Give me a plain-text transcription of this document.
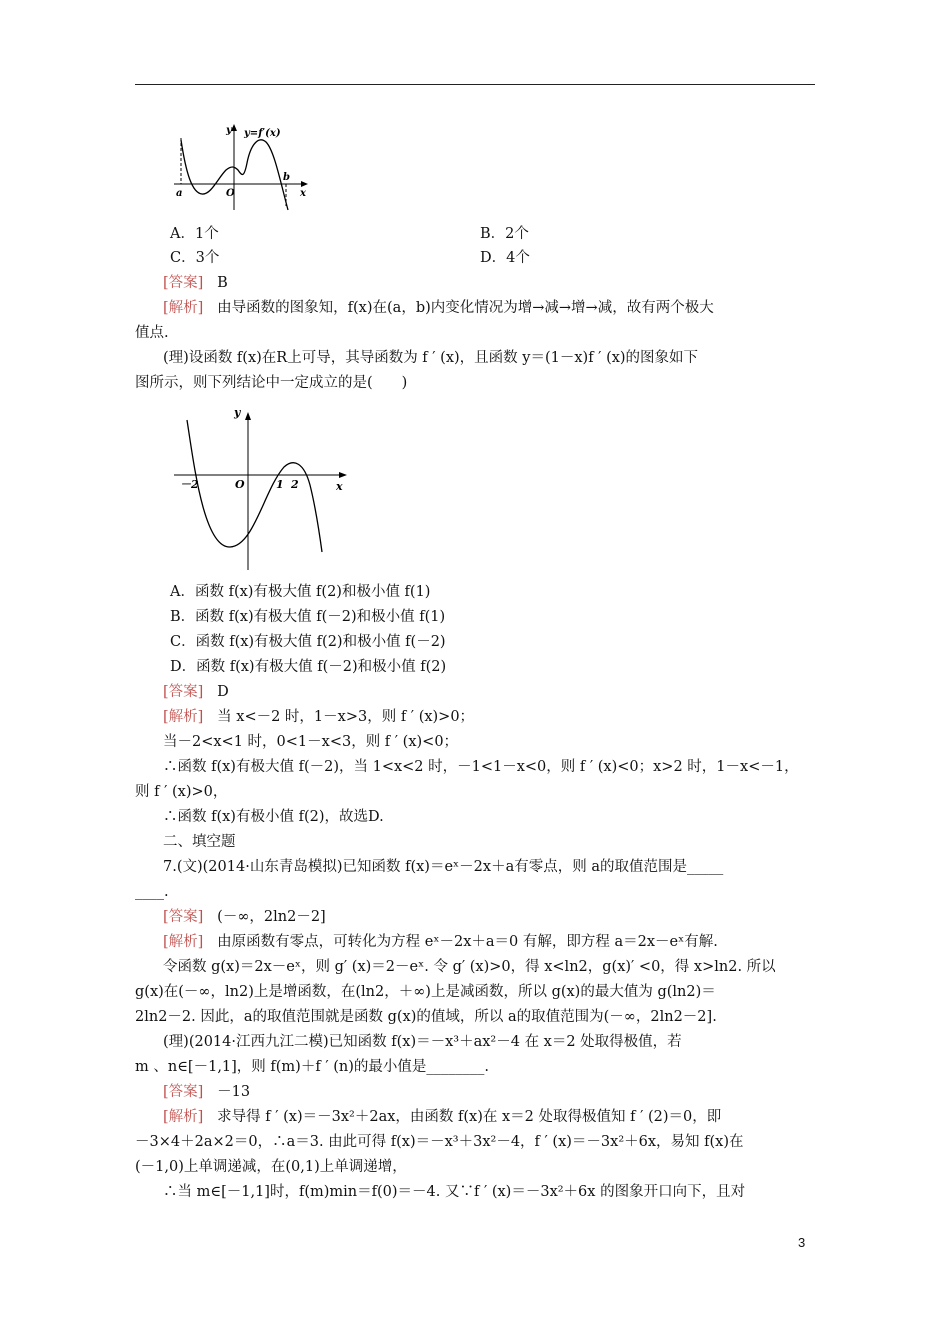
y y=f′(x)
a	O
b
x
A．1个	B．2个
C．3个	D．4个
[答案] B
[解析] 由导函数的图象知，f(x)在(a，b)内变化情况为增→减→增→减，故有两个极大
值点.
(理)设函数 f(x)在R上可导，其导函数为 f ′ (x)，且函数 y＝(1－x)f ′ (x)的图象如下
图所示，则下列结论中一定成立的是(　　)
y
x
O
－2	1 2
A．函数 f(x)有极大值 f(2)和极小值 f(1)
B．函数 f(x)有极大值 f(－2)和极小值 f(1)
C．函数 f(x)有极大值 f(2)和极小值 f(－2)
D．函数 f(x)有极大值 f(－2)和极小值 f(2)
[答案] D
[解析] 当 x<－2 时，1－x>3，则 f ′ (x)>0；
当－2<x<1 时，0<1－x<3，则 f ′ (x)<0；
∴函数 f(x)有极大值 f(－2)，当 1<x<2 时，－1<1－x<0，则 f ′ (x)<0；x>2 时，1－x<－1，
则 f ′ (x)>0，
∴函数 f(x)有极小值 f(2)，故选D.
二、填空题
7.(文)(2014·山东青岛模拟)已知函数 f(x)＝eˣ－2x＋a有零点，则 a的取值范围是_____
____.
[答案] (－∞，2ln2－2]
[解析] 由原函数有零点，可转化为方程 eˣ－2x＋a＝0 有解，即方程 a＝2x－eˣ有解.
令函数 g(x)＝2x－eˣ，则 g′ (x)＝2－eˣ. 令 g′ (x)>0，得 x<ln2，g(x)′ <0，得 x>ln2. 所以
g(x)在(－∞，ln2)上是增函数，在(ln2，＋∞)上是减函数，所以 g(x)的最大值为 g(ln2)＝
2ln2－2. 因此，a的取值范围就是函数 g(x)的值域，所以 a的取值范围为(－∞，2ln2－2].
(理)(2014·江西九江二模)已知函数 f(x)＝－x³＋ax²－4 在 x＝2 处取得极值，若
m 、n∈[－1,1]，则 f(m)＋f ′ (n)的最小值是________.
[答案] －13
[解析] 求导得 f ′ (x)＝－3x²＋2ax，由函数 f(x)在 x＝2 处取得极值知 f ′ (2)＝0，即
－3×4＋2a×2＝0，∴a＝3. 由此可得 f(x)＝－x³＋3x²－4，f ′ (x)＝－3x²＋6x，易知 f(x)在
(－1,0)上单调递减，在(0,1)上单调递增，
∴当 m∈[－1,1]时，f(m)min＝f(0)＝－4. 又∵f ′ (x)＝－3x²＋6x 的图象开口向下，且对
3
